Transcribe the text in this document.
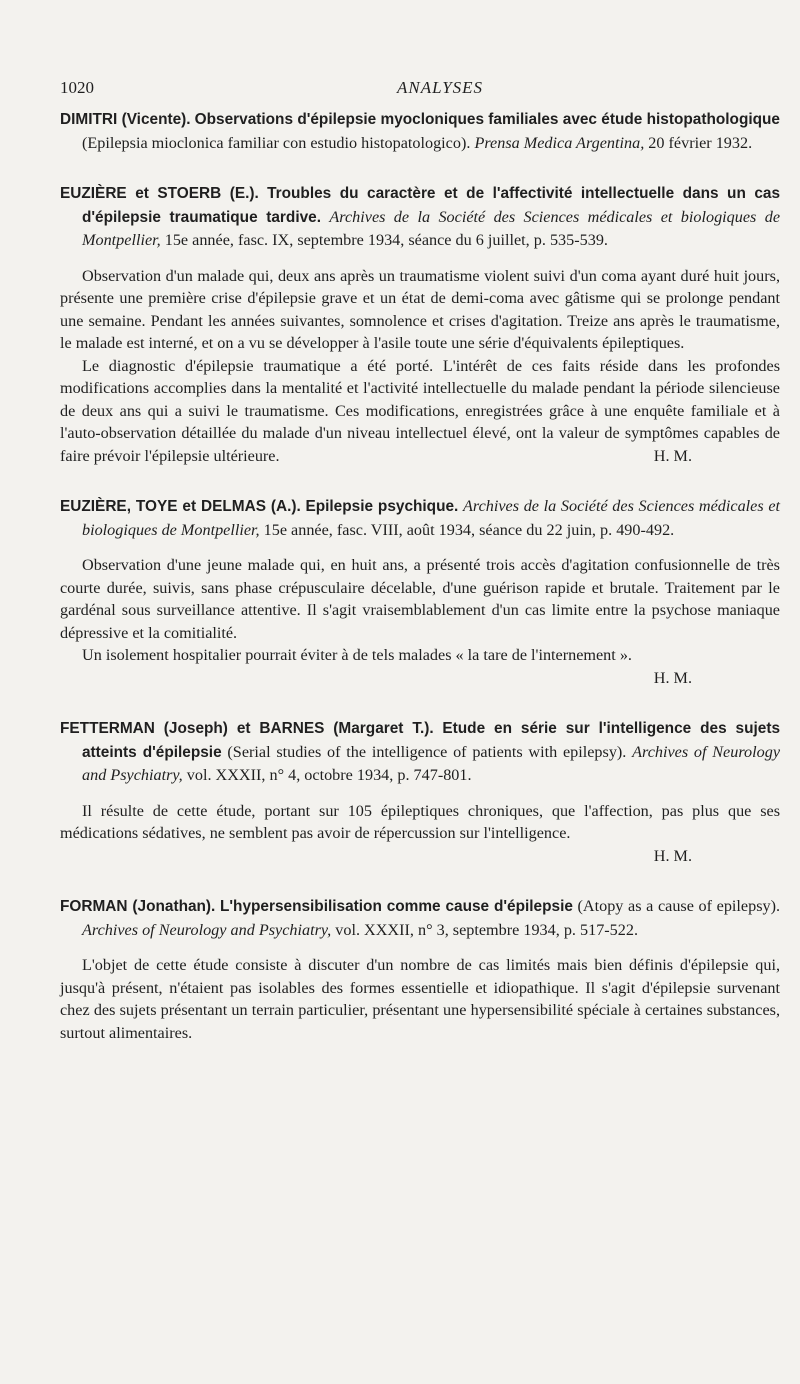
1020	ANALYSES
DIMITRI (Vicente). Observations d'épilepsie myocloniques familiales avec étude histopathologique (Epilepsia mioclonica familiar con estudio histopatologico). Prensa Medica Argentina, 20 février 1932.
EUZIÈRE et STOERB (E.). Troubles du caractère et de l'affectivité intellectuelle dans un cas d'épilepsie traumatique tardive. Archives de la Société des Sciences médicales et biologiques de Montpellier, 15e année, fasc. IX, septembre 1934, séance du 6 juillet, p. 535-539.

Observation d'un malade qui, deux ans après un traumatisme violent suivi d'un coma ayant duré huit jours, présente une première crise d'épilepsie grave et un état de demi-coma avec gâtisme qui se prolonge pendant une semaine. Pendant les années suivantes, somnolence et crises d'agitation. Treize ans après le traumatisme, le malade est interné, et on a vu se développer à l'asile toute une série d'équivalents épileptiques.

Le diagnostic d'épilepsie traumatique a été porté. L'intérêt de ces faits réside dans les profondes modifications accomplies dans la mentalité et l'activité intellectuelle du malade pendant la période silencieuse de deux ans qui a suivi le traumatisme. Ces modifications, enregistrées grâce à une enquête familiale et à l'auto-observation détaillée du malade d'un niveau intellectuel élevé, ont la valeur de symptômes capables de faire prévoir l'épilepsie ultérieure.	H. M.

EUZIÈRE, TOYE et DELMAS (A.). Epilepsie psychique. Archives de la Société des Sciences médicales et biologiques de Montpellier, 15e année, fasc. VIII, août 1934, séance du 22 juin, p. 490-492.

Observation d'une jeune malade qui, en huit ans, a présenté trois accès d'agitation confusionnelle de très courte durée, suivis, sans phase crépusculaire décelable, d'une guérison rapide et brutale. Traitement par le gardénal sous surveillance attentive. Il s'agit vraisemblablement d'un cas limite entre la psychose maniaque dépressive et la comitialité.

Un isolement hospitalier pourrait éviter à de tels malades « la tare de l'internement ».

H. M.
FETTERMAN (Joseph) et BARNES (Margaret T.). Etude en série sur l'intelligence des sujets atteints d'épilepsie (Serial studies of the intelligence of patients with epilepsy). Archives of Neurology and Psychiatry, vol. XXXII, n° 4, octobre 1934, p. 747-801.

Il résulte de cette étude, portant sur 105 épileptiques chroniques, que l'affection, pas plus que ses médications sédatives, ne semblent pas avoir de répercussion sur l'intelligence.

H. M.
FORMAN (Jonathan). L'hypersensibilisation comme cause d'épilepsie (Atopy as a cause of epilepsy). Archives of Neurology and Psychiatry, vol. XXXII, n° 3, septembre 1934, p. 517-522.

L'objet de cette étude consiste à discuter d'un nombre de cas limités mais bien définis d'épilepsie qui, jusqu'à présent, n'étaient pas isolables des formes essentielle et idiopathique. Il s'agit d'épilepsie survenant chez des sujets présentant un terrain particulier, présentant une hypersensibilité spéciale à certaines substances, surtout alimentaires.
